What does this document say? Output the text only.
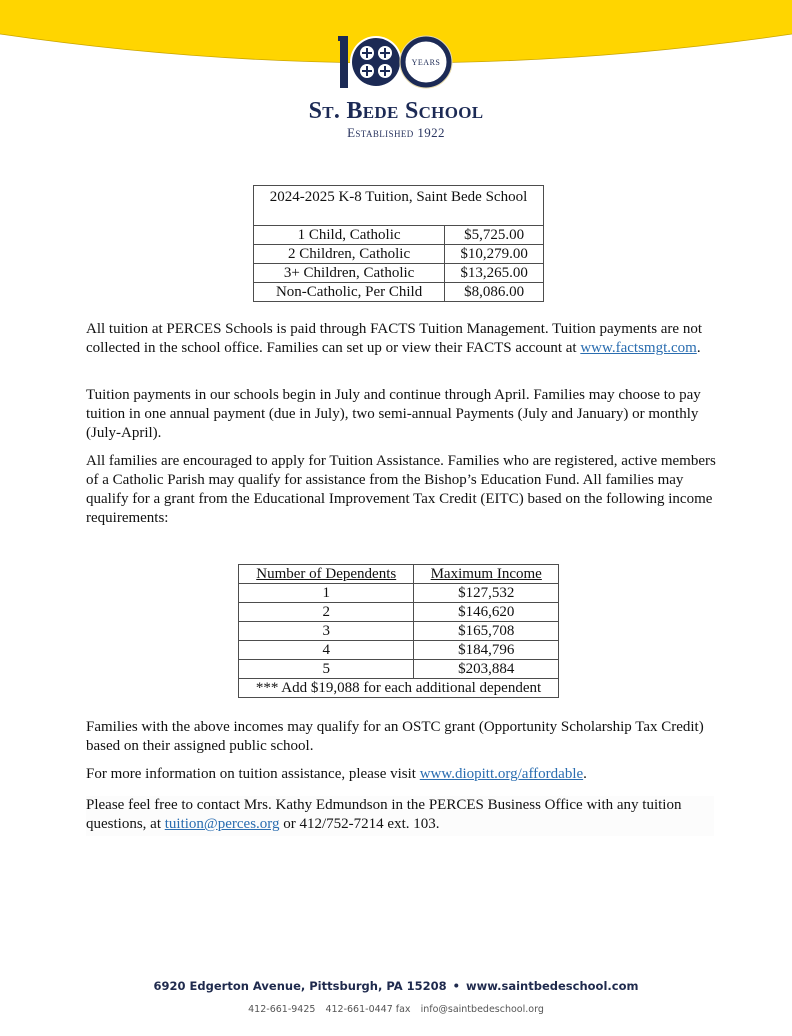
YEARS
St. Bede School
Established 1922
2024-2025 K-8 Tuition, Saint Bede School	
1 Child, Catholic	$5,725.00
2 Children, Catholic	$10,279.00
3+ Children, Catholic	$13,265.00
Non-Catholic, Per Child	$8,086.00

All tuition at PERCES Schools is paid through FACTS Tuition Management. Tuition payments are not collected in the school office. Families can set up or view their FACTS account at www.factsmgt.com.

Tuition payments in our schools begin in July and continue through April. Families may choose to pay tuition in one annual payment (due in July), two semi-annual Payments (July and January) or monthly (July-April).

All families are encouraged to apply for Tuition Assistance. Families who are registered, active members of a Catholic Parish may qualify for assistance from the Bishop’s Education Fund. All families may qualify for a grant from the Educational Improvement Tax Credit (EITC) based on the following income requirements:

Number of Dependents	Maximum Income
1	$127,532
2	$146,620
3	$165,708
4	$184,796
5	$203,884
*** Add $19,088 for each additional dependent	

Families with the above incomes may qualify for an OSTC grant (Opportunity Scholarship Tax Credit) based on their assigned public school.

For more information on tuition assistance, please visit www.diopitt.org/affordable.

Please feel free to contact Mrs. Kathy Edmundson in the PERCES Business Office with any tuition questions, at tuition@perces.org or 412/752-7214 ext. 103.

6920 Edgerton Avenue, Pittsburgh, PA 15208 • www.saintbedeschool.com
412-661-9425 412-661-0447 fax info@saintbedeschool.org
